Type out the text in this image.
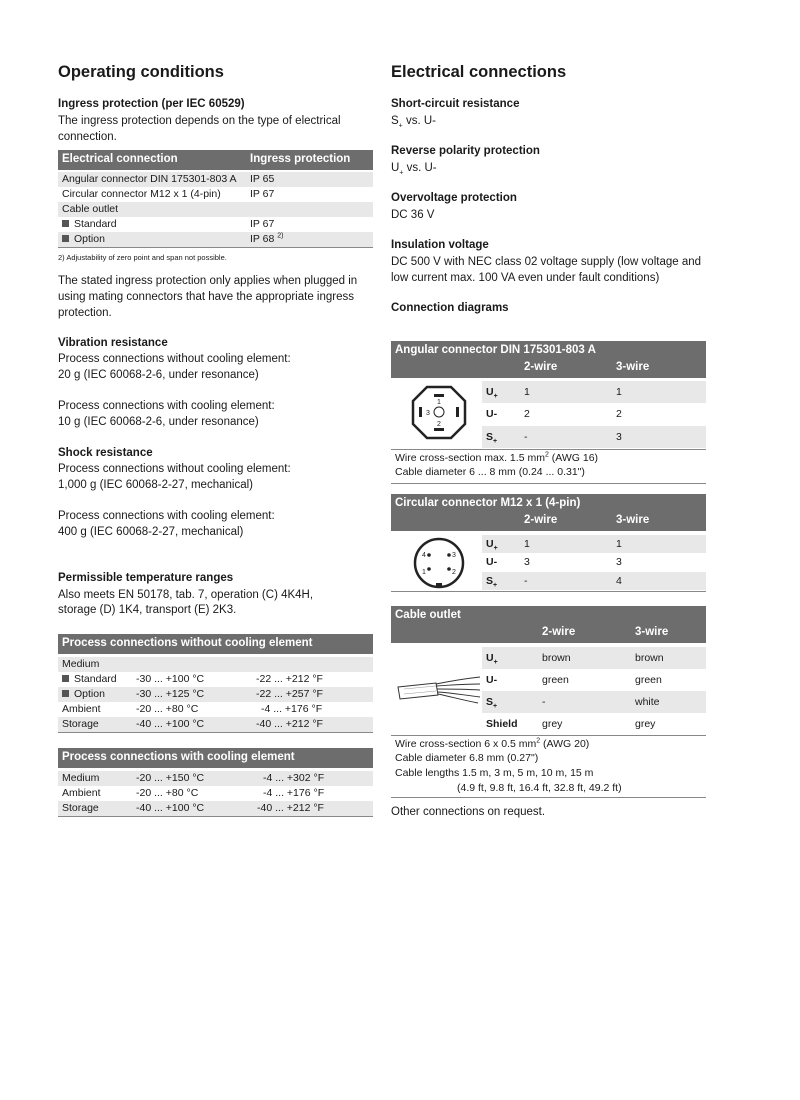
Operating conditions
Ingress protection (per IEC 60529)
The ingress protection depends on the type of electrical connection.
Electrical connection	Ingress protection
Angular connector DIN 175301-803 A IP 65
Circular connector M12 x 1 (4-pin)	IP 67
Cable outlet
Standard	IP 67
Option	IP 68 $^{2)}$
2) Adjustability of zero point and span not possible.
The stated ingress protection only applies when plugged in using mating connectors that have the appropriate ingress protection.
Vibration resistance
Process connections without cooling element:
20 g (IEC 60068-2-6, under resonance)
Process connections with cooling element:
10 g (IEC 60068-2-6, under resonance)
Shock resistance
Process connections without cooling element:
1,000 g (IEC 60068-2-27, mechanical)
Process connections with cooling element:
400 g (IEC 60068-2-27, mechanical)
Permissible temperature ranges
Also meets EN 50178, tab. 7, operation (C) 4K4H,
storage (D) 1K4, transport (E) 2K3.
Process connections without cooling element
Medium
Standard -30 ... +100 °C	-22 ... +212 °F
Option	-30 ... +125 °C	-22 ... +257 °F
Ambient	-20 ... +80 °C	-4 ... +176 °F
Storage	-40 ... +100 °C	-40 ... +212 °F
Process connections with cooling element
Medium	-20 ... +150 °C	-4 ... +302 °F
Ambient	-20 ... +80 °C	-4 ... +176 °F
Storage	-40 ... +100 °C	-40 ... +212 °F
Electrical connections
Short-circuit resistance
$S_+$ vs. U-
Reverse polarity protection
$U_+$ vs. U-
Overvoltage protection
DC 36 V
Insulation voltage
DC 500 V with NEC class 02 voltage supply (low voltage and low current max. 100 VA even under fault conditions)
Connection diagrams
Angular connector DIN 175301-803 A
2-wire	3-wire
1
2
3
$U_+$	1	1
U-	2	2
$S_+$	-	3
Wire cross-section max. 1.5 $mm^2$ (AWG 16)
Cable diameter 6 ... 8 mm (0.24 ... 0.31")
Circular connector M12 x 1 (4-pin)
2-wire	3-wire
4	3
1	2
$U_+$	1	1
U-	3	3
$S_+$	-	4
Cable outlet
2-wire	3-wire
$U_+$	brown	brown
U-	green	green
$S_+$	-	white
Shield grey	grey
Wire cross-section 6 x 0.5 $mm^2$ (AWG 20)
Cable diameter 6.8 mm (0.27")
Cable lengths 1.5 m, 3 m, 5 m, 10 m, 15 m
(4.9 ft, 9.8 ft, 16.4 ft, 32.8 ft, 49.2 ft)
Other connections on request.
